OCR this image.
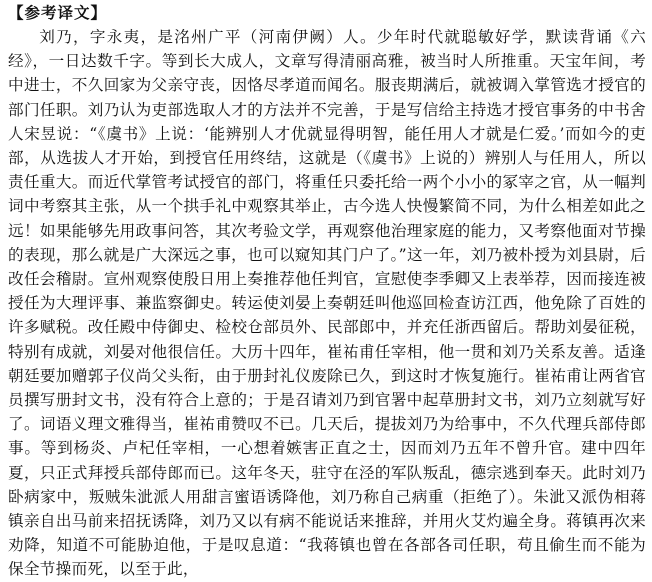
【参考译文】

刘乃，字永夷，是洺州广平（河南伊阙）人。少年时代就聪敏好学，默读背诵《六经》，一日达数千字。等到长大成人，文章写得清丽高雅，被当时人所推重。天宝年间，考中进士，不久回家为父亲守丧，因恪尽孝道而闻名。服丧期满后，就被调入掌管选才授官的部门任职。刘乃认为吏部选取人才的方法并不完善，于是写信给主持选才授官事务的中书舍人宋昱说：“《虞书》上说：‘能辨别人才优就显得明智，能任用人才就是仁爱。’而如今的吏部，从选拔人才开始，到授官任用终结，这就是（《虞书》上说的）辨别人与任用人，所以责任重大。而近代掌管考试授官的部门，将重任只委托给一两个小小的冢宰之官，从一幅判词中考察其主张，从一个拱手礼中观察其举止，古今选人快慢繁简不同，为什么相差如此之远！如果能够先用政事问答，其次考验文学，再观察他治理家庭的能力，又考察他面对节操的表现，那么就是广大深远之事，也可以窥知其门户了。”这一年，刘乃被朴授为刘县尉，后改任会稽尉。宣州观察使殷日用上奏推荐他任判官，宣慰使李季卿又上表举荐，因而接连被授任为大理评事、兼监察御史。转运使刘晏上奏朝廷叫他巡回检查访江西，他免除了百姓的许多赋税。改任殿中侍御史、检校仓部员外、民部郎中，并充任浙西留后。帮助刘晏征税，特别有成就，刘晏对他很信任。大历十四年，崔祐甫任宰相，他一贯和刘乃关系友善。适逢朝廷要加赠郭子仪尚父头衔，由于册封礼仪废除已久，到这时才恢复施行。崔祐甫让两省官员撰写册封文书，没有符合上意的；于是召请刘乃到官署中起草册封文书，刘乃立刻就写好了。词语义理文雅得当，崔祐甫赞叹不已。几天后，提拔刘乃为给事中，不久代理兵部侍郎事。等到杨炎、卢杞任宰相，一心想着嫉害正直之士，因而刘乃五年不曾升官。建中四年夏，只正式拜授兵部侍郎而已。这年冬天，驻守在泾的军队叛乱，德宗逃到奉天。此时刘乃卧病家中，叛贼朱泚派人用甜言蜜语诱降他，刘乃称自己病重（拒绝了）。朱泚又派伪相蒋镇亲自出马前来招抚诱降，刘乃又以有病不能说话来推辞，并用火艾灼遍全身。蒋镇再次来劝降，知道不可能胁迫他，于是叹息道：“我蒋镇也曾在各部各司任职，苟且偷生而不能为保全节操而死，以至于此，
